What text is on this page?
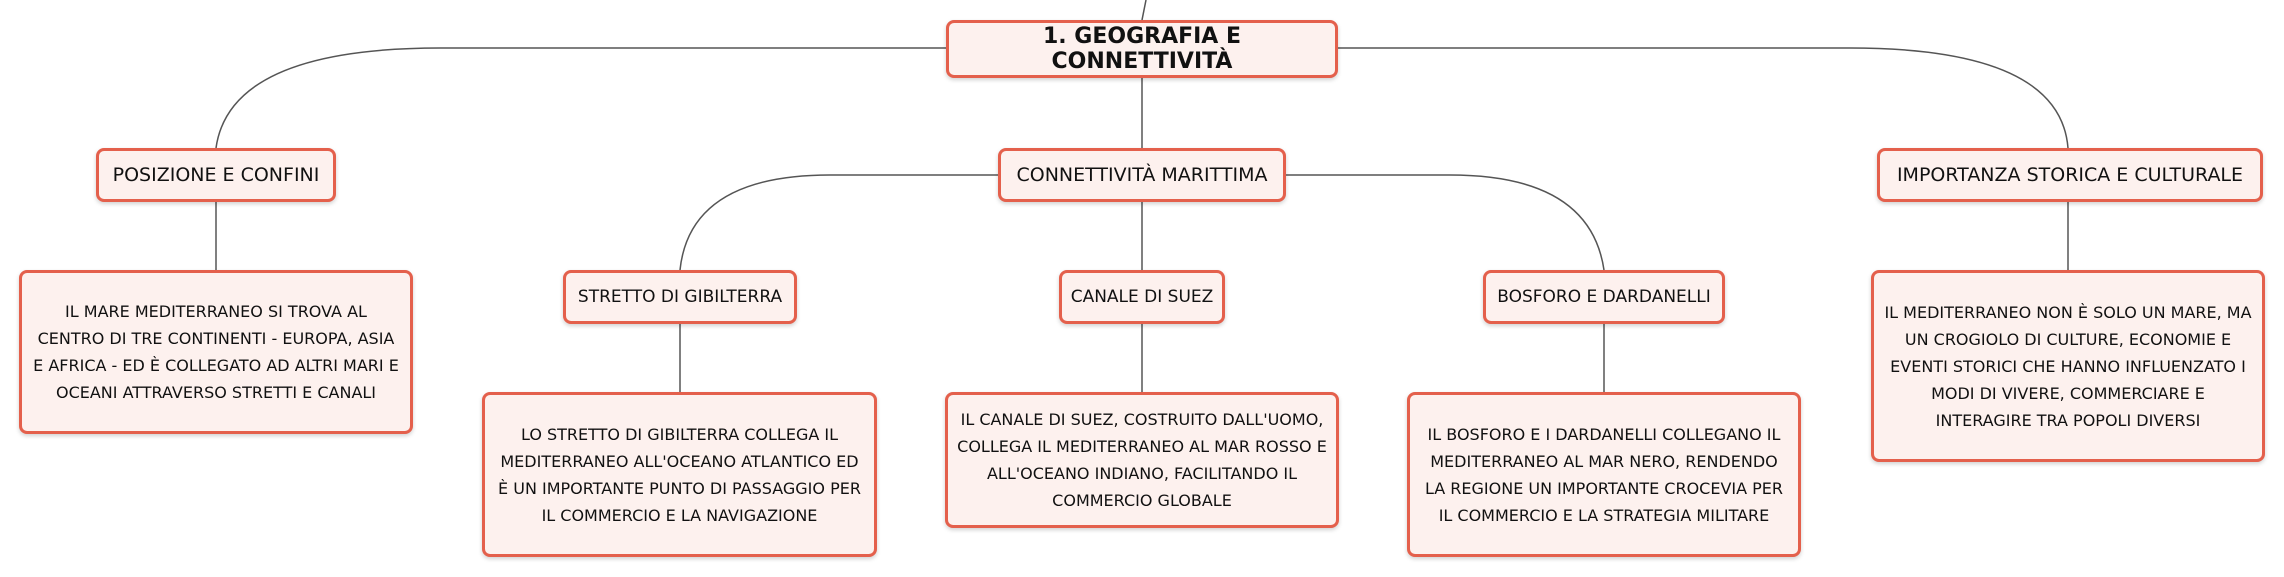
1. GEOGRAFIA E CONNETTIVITÀ
POSIZIONE E CONFINI	CONNETTIVITÀ MARITTIMA	IMPORTANZA STORICA E CULTURALE
STRETTO DI GIBILTERRA	CANALE DI SUEZ	BOSFORO E DARDANELLI
IL MARE MEDITERRANEO SI TROVA AL
CENTRO DI TRE CONTINENTI - EUROPA, ASIA
E AFRICA - ED È COLLEGATO AD ALTRI MARI E
OCEANI ATTRAVERSO STRETTI E CANALI
LO STRETTO DI GIBILTERRA COLLEGA IL
MEDITERRANEO ALL'OCEANO ATLANTICO ED
È UN IMPORTANTE PUNTO DI PASSAGGIO PER
IL COMMERCIO E LA NAVIGAZIONE
IL CANALE DI SUEZ, COSTRUITO DALL'UOMO,
COLLEGA IL MEDITERRANEO AL MAR ROSSO E
ALL'OCEANO INDIANO, FACILITANDO IL
COMMERCIO GLOBALE
IL BOSFORO E I DARDANELLI COLLEGANO IL
MEDITERRANEO AL MAR NERO, RENDENDO
LA REGIONE UN IMPORTANTE CROCEVIA PER
IL COMMERCIO E LA STRATEGIA MILITARE
IL MEDITERRANEO NON È SOLO UN MARE, MA
UN CROGIOLO DI CULTURE, ECONOMIE E
EVENTI STORICI CHE HANNO INFLUENZATO I
MODI DI VIVERE, COMMERCIARE E
INTERAGIRE TRA POPOLI DIVERSI
